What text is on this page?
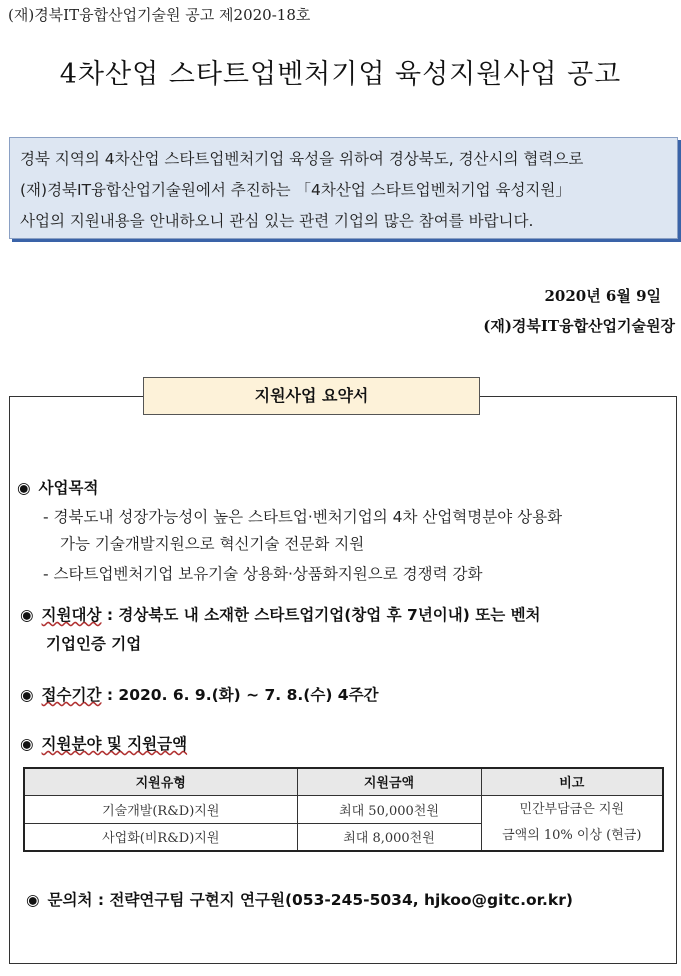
(재)경북IT융합산업기술원 공고 제2020-18호
4차산업 스타트업벤처기업 육성지원사업 공고

경북 지역의 4차산업 스타트업벤처기업 육성을 위하여 경상북도, 경산시의 협력으로

(재)경북IT융합산업기술원에서 추진하는 「4차산업 스타트업벤처기업 육성지원」

사업의 지원내용을 안내하오니 관심 있는 관련 기업의 많은 참여를 바랍니다.

2020년 6월 9일
(재)경북IT융합산업기술원장
지원사업 요약서
◉ 사업목적
- 경북도내 성장가능성이 높은 스타트업·벤처기업의 4차 산업혁명분야 상용화
가능 기술개발지원으로 혁신기술 전문화 지원
- 스타트업벤처기업 보유기술 상용화·상품화지원으로 경쟁력 강화
◉ 지원대상 : 경상북도 내 소재한 스타트업기업(창업 후 7년이내) 또는 벤처
기업인증 기업
◉ 접수기간 : 2020. 6. 9.(화) ~ 7. 8.(수) 4주간
◉ 지원분야 및 지원금액
지원유형	지원금액	비고
기술개발(R&D)지원	최대 50,000천원	민간부담금은 지원
금액의 10% 이상 (현금)

사업화(비R&D)지원	최대 8,000천원	
◉ 문의처 : 전략연구팀 구현지 연구원(053-245-5034, hjkoo@gitc.or.kr)
